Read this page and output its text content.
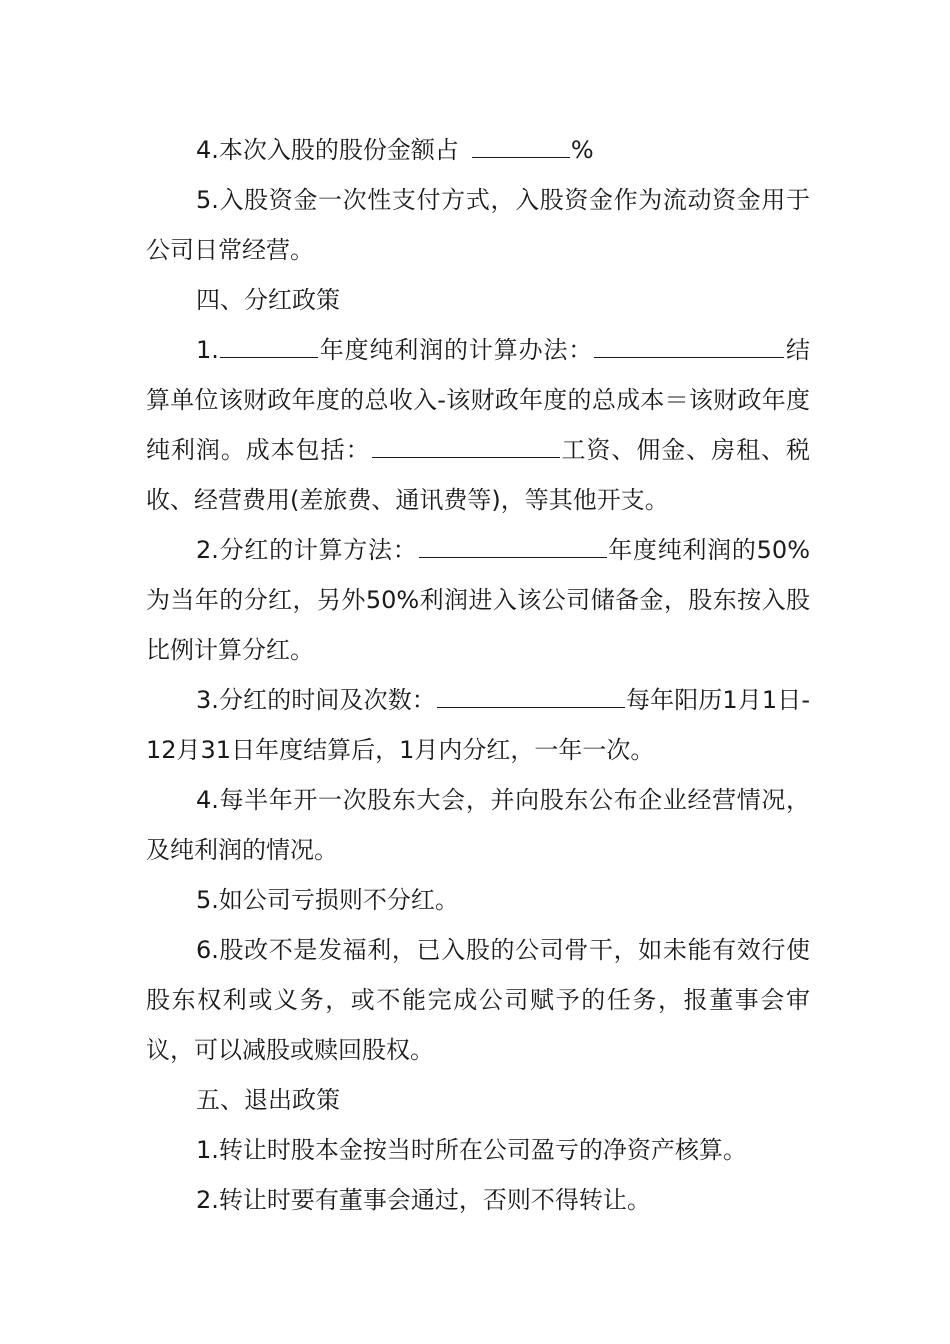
4.本次入股的股份金额占	%

5.入股资金一次性支付方式，入股资金作为流动资金用于公司日常经营。

四、分红政策

1.	年度纯利润的计算办法：	结算单位该财政年度的总收入-该财政年度的总成本＝该财政年度纯利润。成本包括：	工资、佣金、房租、税收、经营费用(差旅费、通讯费等)，等其他开支。

2.分红的计算方法：	年度纯利润的50%为当年的分红，另外50%利润进入该公司储备金，股东按入股比例计算分红。

3.分红的时间及次数：	每年阳历1月1日-12月31日年度结算后，1月内分红，一年一次。

4.每半年开一次股东大会，并向股东公布企业经营情况，及纯利润的情况。

5.如公司亏损则不分红。

6.股改不是发福利，已入股的公司骨干，如未能有效行使股东权利或义务，或不能完成公司赋予的任务，报董事会审议，可以减股或赎回股权。

五、退出政策

1.转让时股本金按当时所在公司盈亏的净资产核算。

2.转让时要有董事会通过，否则不得转让。
